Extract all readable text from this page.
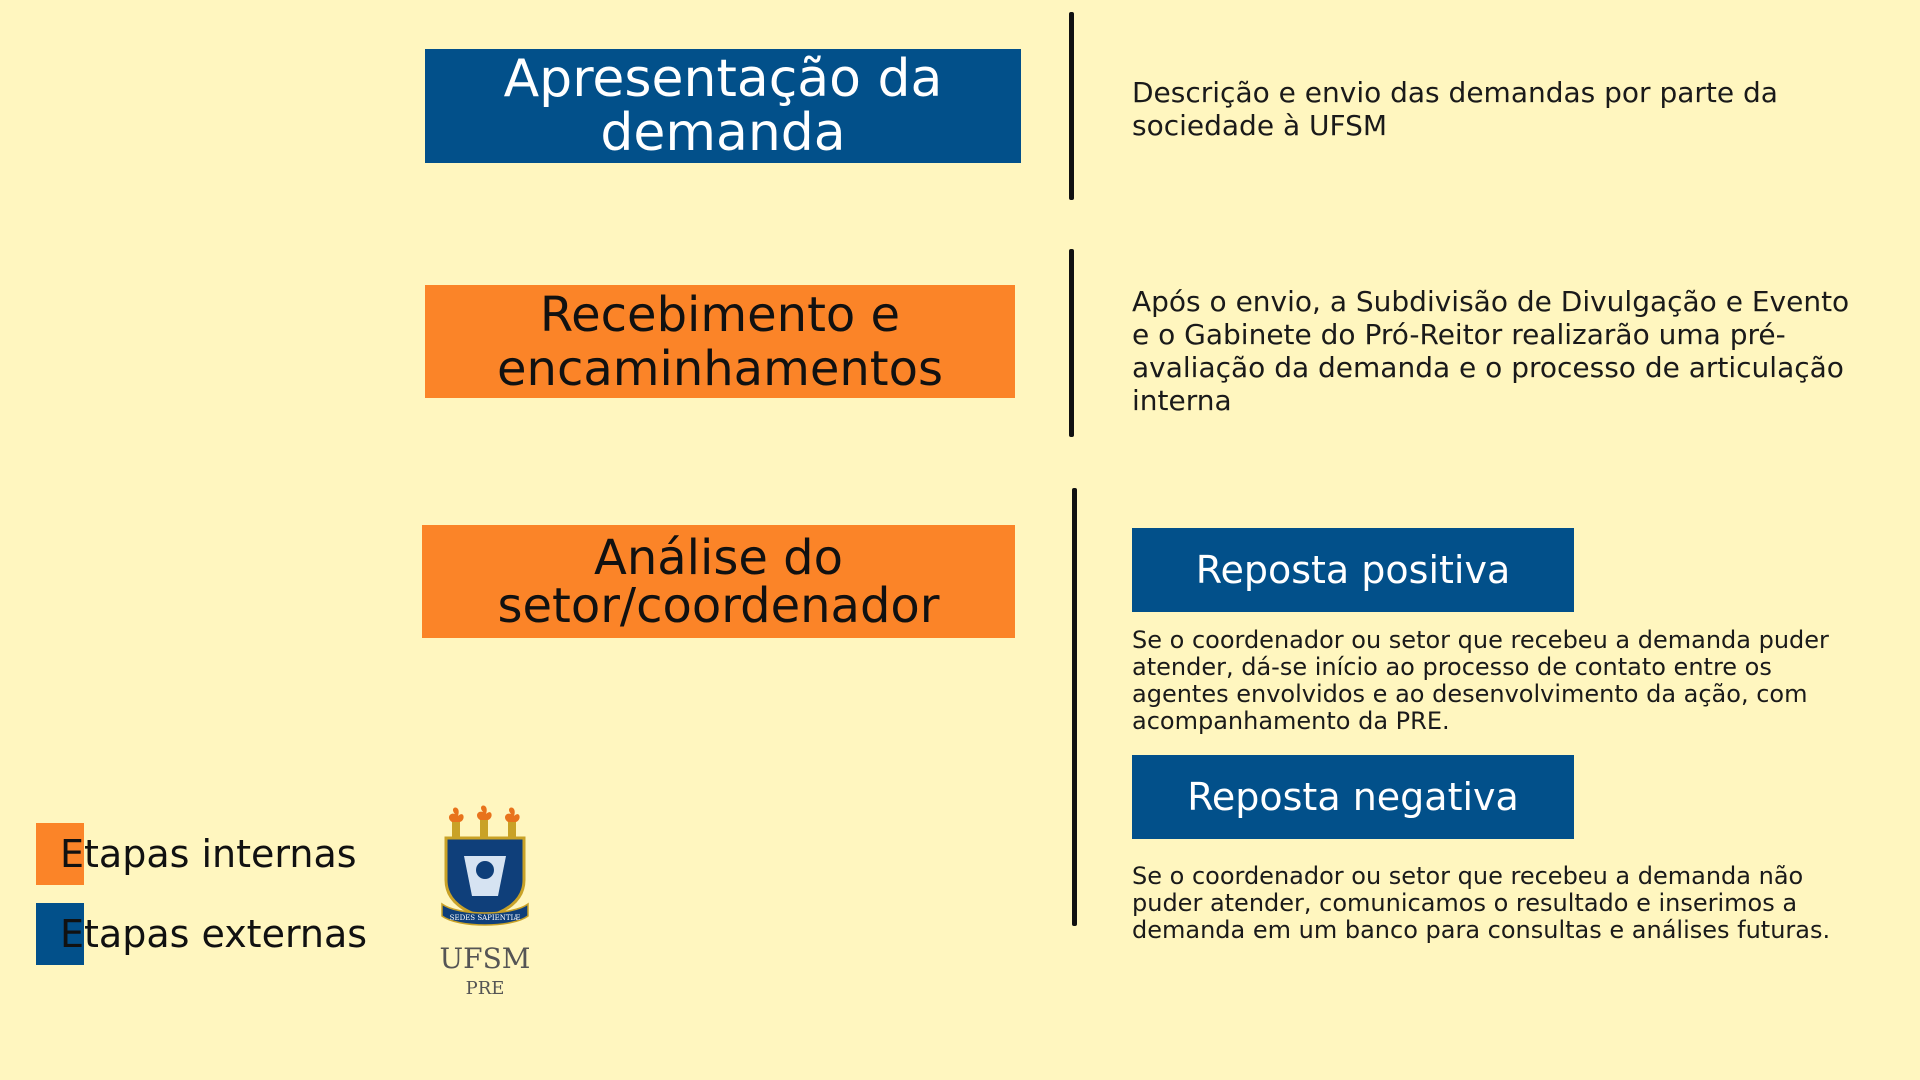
Apresentação da
demanda
Descrição e envio das demandas por parte da sociedade à UFSM
Recebimento e
encaminhamentos
Após o envio, a Subdivisão de Divulgação e Evento e o Gabinete do Pró-Reitor realizarão uma pré-avaliação da demanda e o processo de articulação interna
Análise do
setor/coordenador
Reposta positiva
Se o coordenador ou setor que recebeu a demanda puder atender, dá-se início ao processo de contato entre os agentes envolvidos e ao desenvolvimento da ação, com acompanhamento da PRE.
Reposta negativa
Se o coordenador ou setor que recebeu a demanda não puder atender, comunicamos o resultado e inserimos a demanda em um banco para consultas e análises futuras.
Etapas internas
Etapas externas	SEDES SAPIENTIÆ
UFSM
PRE
